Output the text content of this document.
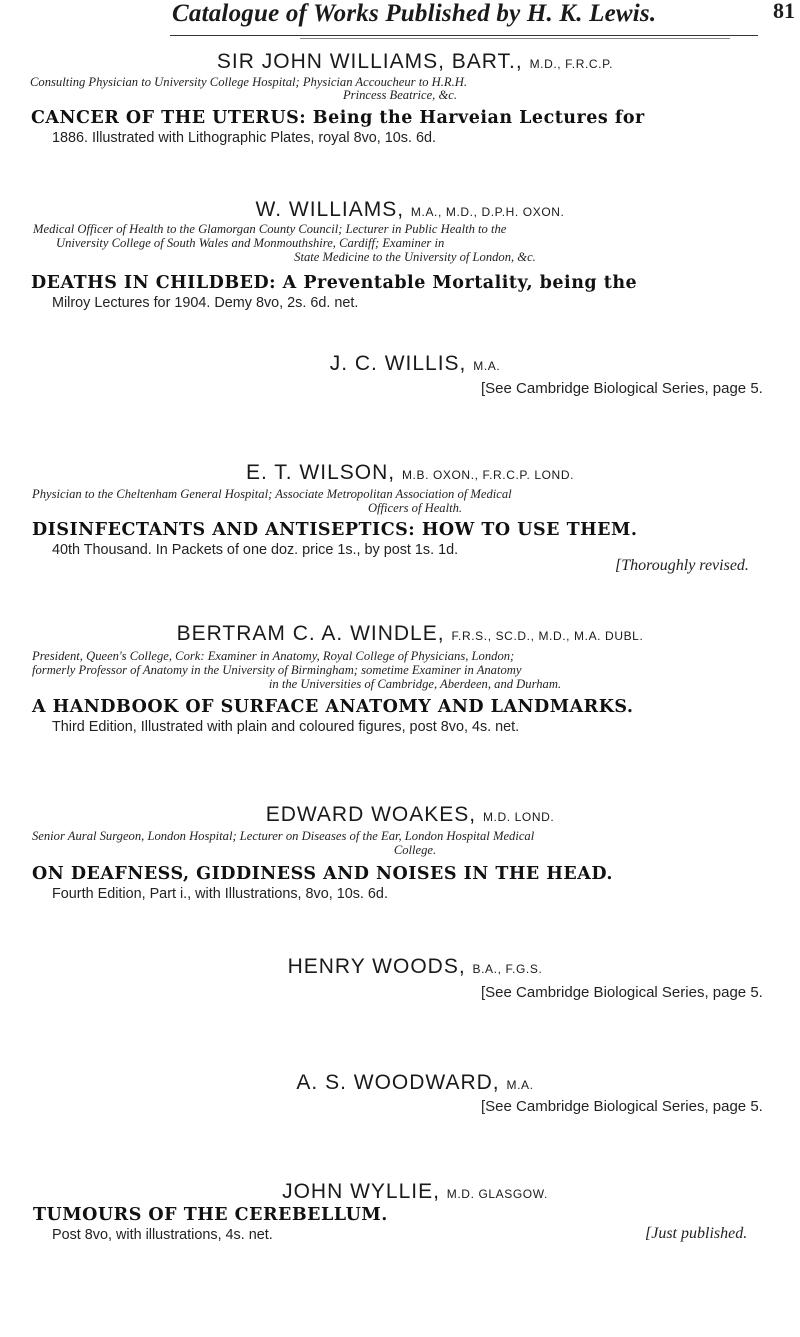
Catalogue of Works Published by H. K. Lewis.	81
SIR JOHN WILLIAMS, BART., M.D., F.R.C.P.
Consulting Physician to University College Hospital; Physician Accoucheur to H.R.H.
Princess Beatrice, &c.
CANCER OF THE UTERUS: Being the Harveian Lectures for
1886. Illustrated with Lithographic Plates, royal 8vo, 10s. 6d.
W. WILLIAMS, M.A., M.D., D.P.H. OXON.
Medical Officer of Health to the Glamorgan County Council; Lecturer in Public Health to the
University College of South Wales and Monmouthshire, Cardiff; Examiner in
State Medicine to the University of London, &c.
DEATHS IN CHILDBED: A Preventable Mortality, being the
Milroy Lectures for 1904. Demy 8vo, 2s. 6d. net.
J. C. WILLIS, M.A.
[See Cambridge Biological Series, page 5.
E. T. WILSON, M.B. OXON., F.R.C.P. LOND.
Physician to the Cheltenham General Hospital; Associate Metropolitan Association of Medical
Officers of Health.
DISINFECTANTS AND ANTISEPTICS: HOW TO USE THEM.
40th Thousand. In Packets of one doz. price 1s., by post 1s. 1d.
[Thoroughly revised.
BERTRAM C. A. WINDLE, F.R.S., SC.D., M.D., M.A. DUBL.
President, Queen's College, Cork: Examiner in Anatomy, Royal College of Physicians, London;
formerly Professor of Anatomy in the University of Birmingham; sometime Examiner in Anatomy
in the Universities of Cambridge, Aberdeen, and Durham.
A HANDBOOK OF SURFACE ANATOMY AND LANDMARKS.
Third Edition, Illustrated with plain and coloured figures, post 8vo, 4s. net.
EDWARD WOAKES, M.D. LOND.
Senior Aural Surgeon, London Hospital; Lecturer on Diseases of the Ear, London Hospital Medical
College.
ON DEAFNESS, GIDDINESS AND NOISES IN THE HEAD.
Fourth Edition, Part i., with Illustrations, 8vo, 10s. 6d.
HENRY WOODS, B.A., F.G.S.
[See Cambridge Biological Series, page 5.
A. S. WOODWARD, M.A.
[See Cambridge Biological Series, page 5.
JOHN WYLLIE, M.D. GLASGOW.
TUMOURS OF THE CEREBELLUM.
Post 8vo, with illustrations, 4s. net.	[Just published.
